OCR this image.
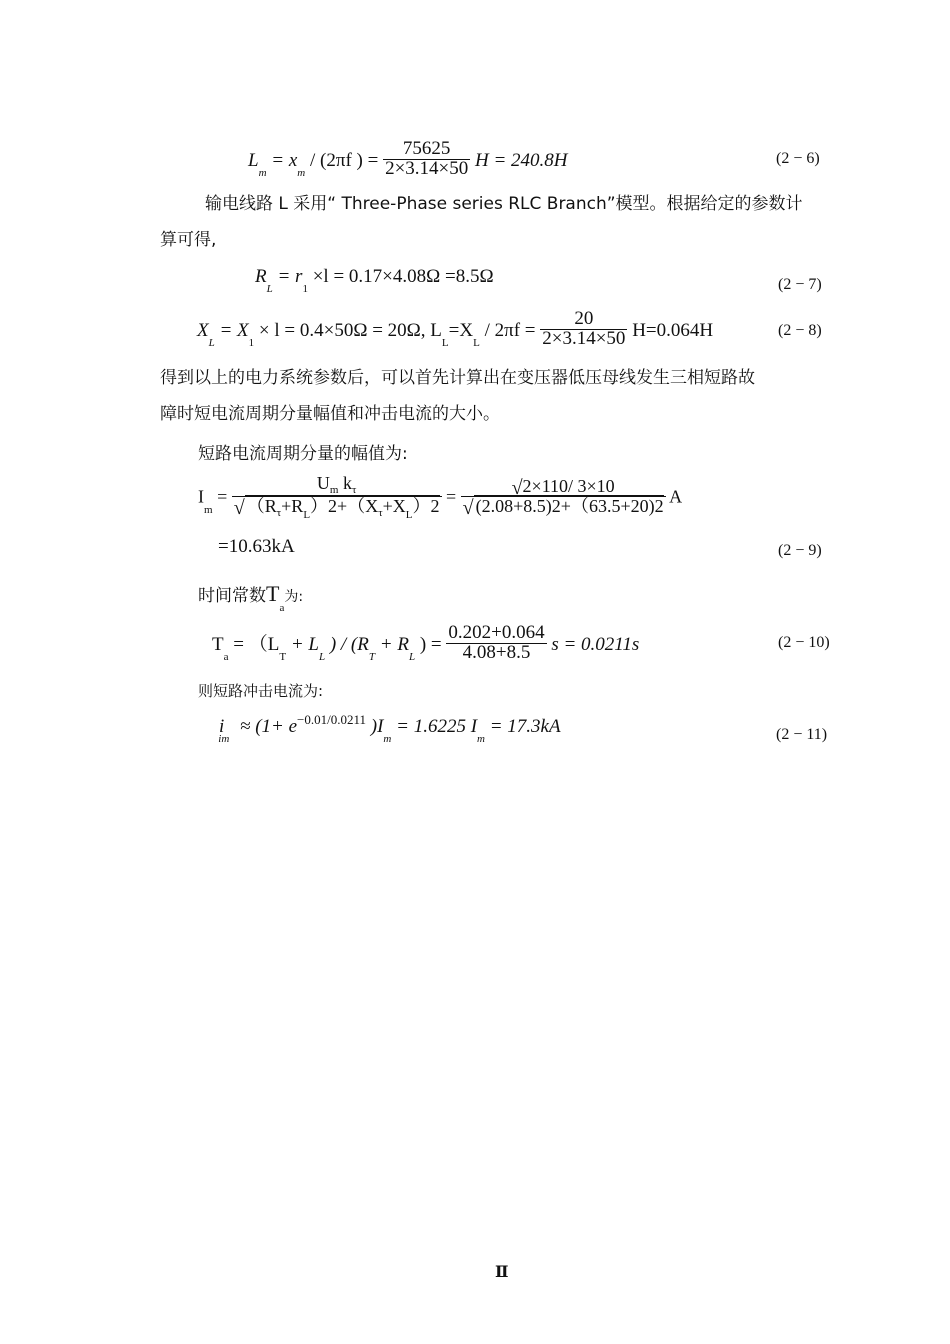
$L_m = x_m / (2\pi f$ ) = $\frac{75625}{2\times 3.14\times 50}$ H = 240.8H	(2 − 6)
输电线路 L 采用“ Three-Phase series RLC Branch”模型。根据给定的参数计
算可得,
$R_L = r_1 \times l = 0.17\times 4.08\Omega =8.5\Omega$	(2 − 7)
$X_L = X_1 \times l = 0.4\times 50\Omega = 20\Omega$, $L_L=X_L / 2\pi f = \frac{20}{2\times 3.14\times 50} H=0.064H$	(2 − 8)
得到以上的电力系统参数后，可以首先计算出在变压器低压母线发生三相短路故
障时短电流周期分量幅值和冲击电流的大小。
短路电流周期分量的幅值为:
$I_m = \frac{U_m k_\tau}{√ (R_\tau+R_L)2+(X_\tau+X_L)2} = \frac{√2\times 110/ 3\times 10}{√ (2.08+8.5)2+(63.5+20)2}$ A
=10.63kA	(2 − 9)
时间常数$T_a$为:
$T_a = (L_T + L_L$ ) / ($R_T + R_L$ ) = $\frac{0.202+0.064}{4.08+8.5}$ s = 0.0211s	(2 − 10)
则短路冲击电流为:
$i_{im} \approx (1+ e^{-0.01/0.0211}$ )$I_m = 1.6225$ $I_m = 17.3kA$	(2 − 11)
Ⅱ
